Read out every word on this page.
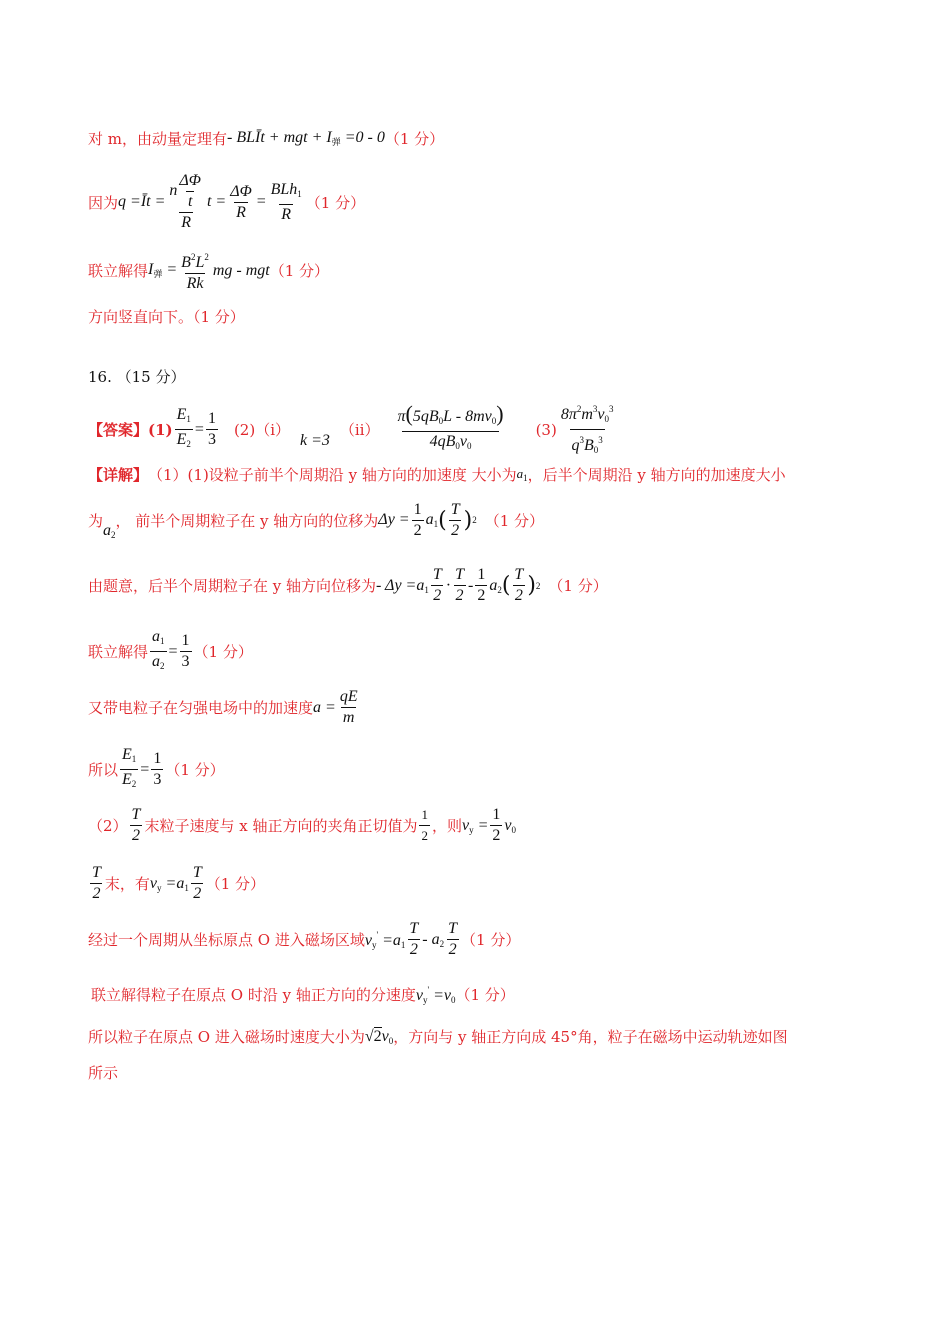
对 m，由动量定理有 - BLĪt + mgt + $I_弹 =0 - 0$ （1 分）
因为 q =Īt = $\frac{n \frac{\Delta\Phi}{t}}{R}$ $t = \frac{\Delta\Phi}{R} = \frac{BLh_1}{R} (1$ 分）
联立解得 $I_弹 = \frac{B^2L^2}{Rk}$ mg - mgt （1 分）
方向竖直向下。（1 分）
16. （15 分）
【答案】$(1) \frac{E_1}{E_2} = \frac{1}{3}$ (2)（ⅰ）
k =3
（ⅱ） $\frac{\pi(5qB_0L - 8mv_0)}{4qB_0v_0} (3) \frac{8\pi^2m^3v_0^3}{q^3B_0^3}$
【详解】 （1）(1)设粒子前半个周期沿 y 轴方向的加速度 大小为 $a_1$ ，后半个周期沿 y 轴方向的加速度大小
为
$a_2$
， 前半个周期粒子在 y 轴方向的位移为 $\Delta y = \frac{1}{2} a_1$ ( $\frac{T}{2}$ ) 2 （1 分）
由题意，后半个周期粒子在 y 轴方向位移为 - $\Delta y =a_1 \frac{T}{2} \cdot \frac{T}{2} - \frac{1}{2} a_2$ ( $\frac{T}{2}$ ) 2 （1 分）
联立解得 $\frac{a_1}{a_2} = \frac{1}{3} (1$ 分）
又带电粒子在匀强电场中的加速度 $a = \frac{qE}{m}$
所以 $\frac{E_1}{E_2} = \frac{1}{3} (1$ 分）
$(2) \frac{T}{2}$ 末粒子速度与 x 轴正方向的夹角正切值为 $\frac{1}{2}$ ，则 $v_y = \frac{1}{2} v_0$
$\frac{T}{2}$ 末，有 $v_y =a_1 \frac{T}{2} (1$ 分）
经过一个周期从坐标原点 O 进入磁场区域 $v_y' =a_1 \frac{T}{2} - a_2 \frac{T}{2} (1$ 分）
联立解得粒子在原点 O 时沿 y 轴正方向的分速度 $v_y' =v_0$ （1 分）
所以粒子在原点 O 进入磁场时速度大小为 √2 $v_0$ ，方向与 y 轴正方向成 45°角，粒子在磁场中运动轨迹如图
所示
